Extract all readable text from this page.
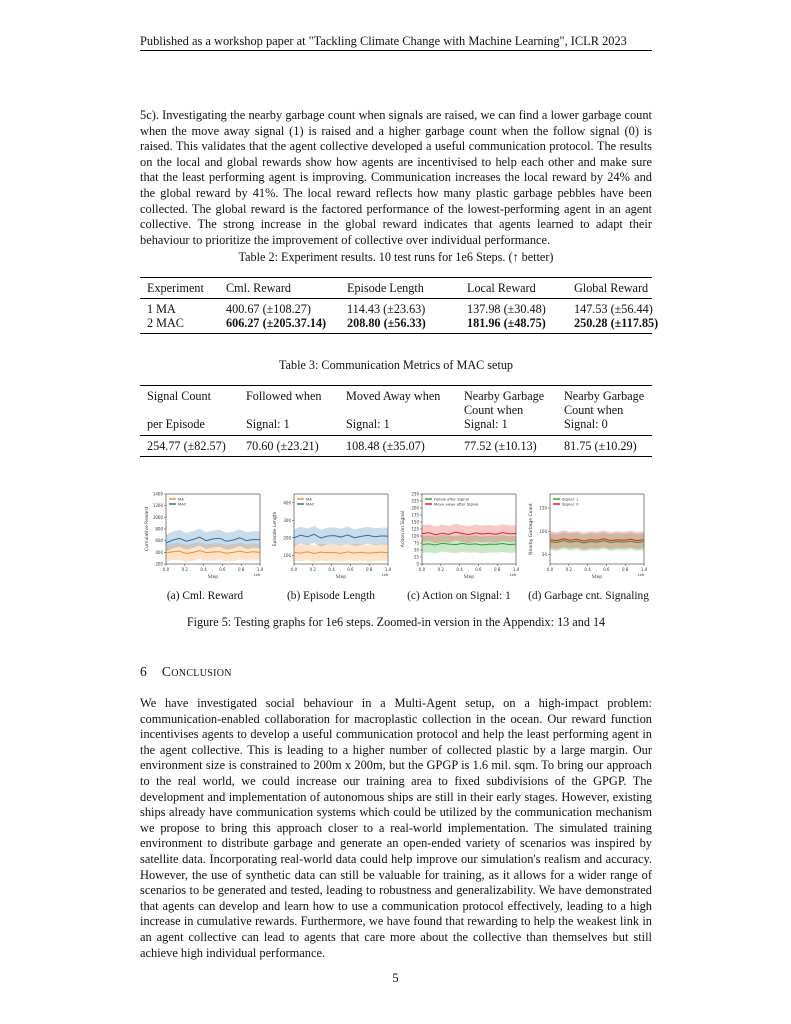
Published as a workshop paper at "Tackling Climate Change with Machine Learning", ICLR 2023
5c). Investigating the nearby garbage count when signals are raised, we can find a lower garbage count when the move away signal (1) is raised and a higher garbage count when the follow signal (0) is raised. This validates that the agent collective developed a useful communication protocol. The results on the local and global rewards show how agents are incentivised to help each other and make sure that the least performing agent is improving. Communication increases the local reward by 24% and the global reward by 41%. The local reward reflects how many plastic garbage pebbles have been collected. The global reward is the factored performance of the lowest-performing agent in an agent collective. The strong increase in the global reward indicates that agents learned to adapt their behaviour to prioritize the improvement of collective over individual performance.
Table 2: Experiment results. 10 test runs for 1e6 Steps. (↑ better)
Experiment	Cml. Reward	Episode Length	Local Reward	Global Reward
1 MA	400.67 (±108.27)	114.43 (±23.63)	137.98 (±30.48)	147.53 (±56.44)
2 MAC	606.27 (±205.37.14)	208.80 (±56.33)	181.96 (±48.75)	250.28 (±117.85)
Table 3: Communication Metrics of MAC setup
Signal Count	Followed when	Moved Away when	Nearby Garbage	Nearby Garbage
			Count when	Count when
per Episode	Signal: 1	Signal: 1	Signal: 1	Signal: 0
254.77 (±82.57)	70.60 (±23.21)	108.48 (±35.07)	77.52 (±10.13)	81.75 (±10.29)
200
400
600
800
1000
1200
1400
0.0	0.2	0.4	0.6	0.8	1.0
1e6
Step
Cumulative Reward
MA
MAC
100
200
300
400
0.0	0.2	0.4	0.6	0.8	1.0
1e6
Step
Episode Length
MA
MAC
0
25
50
75
100
125
150
175
200
225
250
0.0	0.2	0.4	0.6	0.8	1.0
1e6
Step
Action on Signal
Follow after Signal
Move away after Signal
50
100
150
0.0	0.2	0.4	0.6	0.8	1.0
1e6
Step
Nearby Garbage Count
Signal: 1
Signal: 0
(a) Cml. Reward	(b) Episode Length	(c) Action on Signal: 1	(d) Garbage cnt. Signaling
Figure 5: Testing graphs for 1e6 steps. Zoomed-in version in the Appendix: 13 and 14
6 Conclusion
We have investigated social behaviour in a Multi-Agent setup, on a high-impact problem: communication-enabled collaboration for macroplastic collection in the ocean. Our reward function incentivises agents to develop a useful communication protocol and help the least performing agent in the agent collective. This is leading to a higher number of collected plastic by a large margin. Our environment size is constrained to 200m x 200m, but the GPGP is 1.6 mil. sqm. To bring our approach to the real world, we could increase our training area to fixed subdivisions of the GPGP. The development and implementation of autonomous ships are still in their early stages. However, existing ships already have communication systems which could be utilized by the communication mechanism we propose to bring this approach closer to a real-world implementation. The simulated training environment to distribute garbage and generate an open-ended variety of scenarios was inspired by satellite data. Incorporating real-world data could help improve our simulation's realism and accuracy. However, the use of synthetic data can still be valuable for training, as it allows for a wider range of scenarios to be generated and tested, leading to robustness and generalizability. We have demonstrated that agents can develop and learn how to use a communication protocol effectively, leading to a high increase in cumulative rewards. Furthermore, we have found that rewarding to help the weakest link in an agent collective can lead to agents that care more about the collective than themselves but still achieve high individual performance.
5
